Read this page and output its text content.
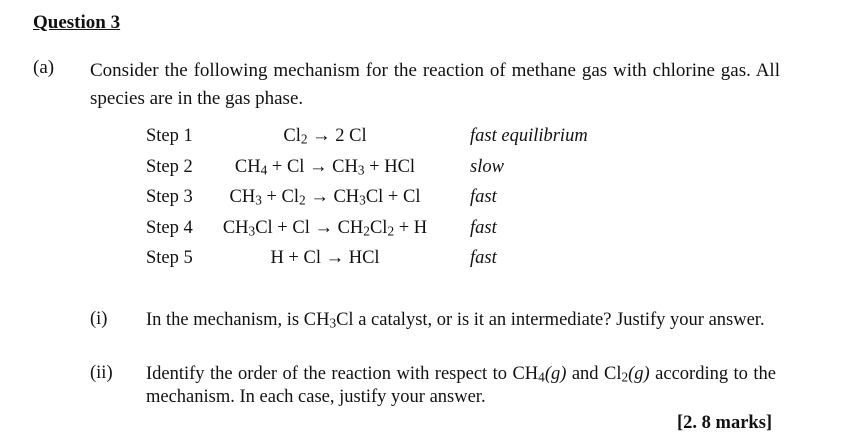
Question 3
(a) Consider the following mechanism for the reaction of methane gas with chlorine gas. All species are in the gas phase.
Step 1	Cl2 → 2 Cl	fast equilibrium
Step 2	CH4 + Cl → CH3 + HCl	slow
Step 3	CH3 + Cl2 → CH3Cl + Cl	fast
Step 4	CH3Cl + Cl → CH2Cl2 + H	fast
Step 5	H + Cl → HCl	fast
(i) In the mechanism, is CH3Cl a catalyst, or is it an intermediate? Justify your answer.
(ii) Identify the order of the reaction with respect to CH4(g) and Cl2(g) according to the mechanism. In each case, justify your answer.
[2. 8 marks]
